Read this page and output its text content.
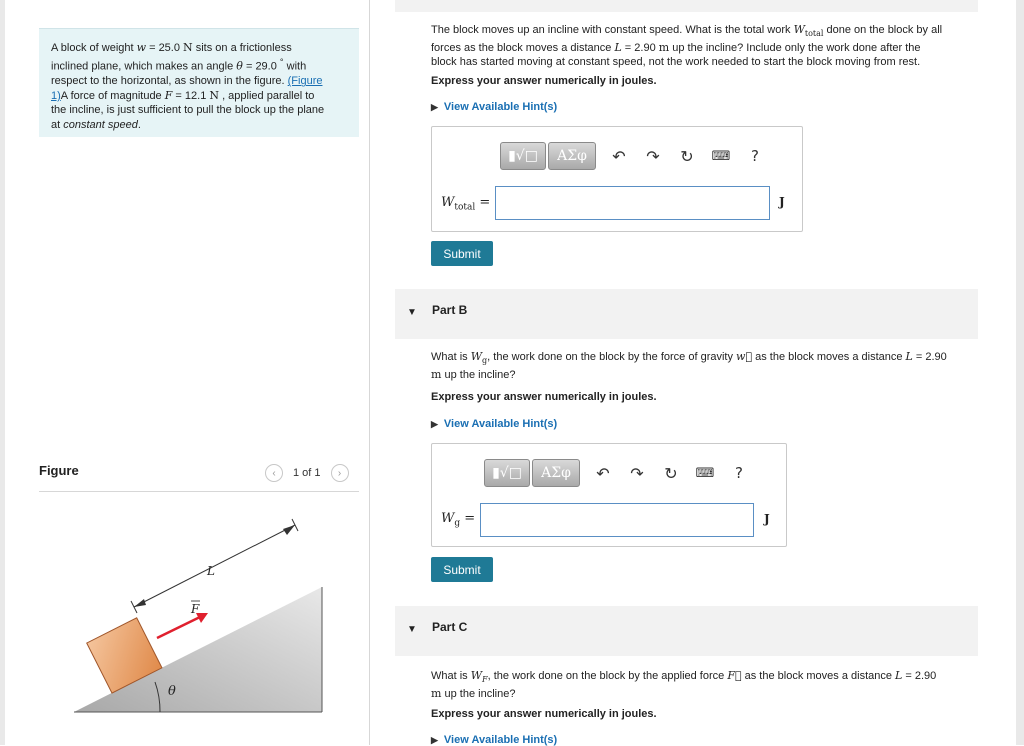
A block of weight w = 25.0 N sits on a frictionless
inclined plane, which makes an angle θ = 29.0 ° with
respect to the horizontal, as shown in the figure. (Figure
1)A force of magnitude F = 12.1 N , applied parallel to
the incline, is just sufficient to pull the block up the plane
at constant speed.
Figure	‹ 1 of 1 ›
θ
L
F
The block moves up an incline with constant speed. What is the total work $W_{total}$ done on the block by all
forces as the block moves a distance L = 2.90 m up the incline? Include only the work done after the
block has started moving at constant speed, not the work needed to start the block moving from rest.
Express your answer numerically in joules.
▶ View Available Hint(s)
▮√□	ΑΣφ	↶	↷	↻	⌨	?
$W_{total}$ =	J
Submit
▼ Part B
What is $W_g$, the work done on the block by the force of gravity w⃗ as the block moves a distance L = 2.90
m up the incline?
Express your answer numerically in joules.
▶ View Available Hint(s)
▮√□	ΑΣφ	↶	↷	↻	⌨	?
$W_g$ =	J
Submit
▼ Part C
What is $W_F$, the work done on the block by the applied force F⃗ as the block moves a distance L = 2.90
m up the incline?
Express your answer numerically in joules.
▶ View Available Hint(s)
